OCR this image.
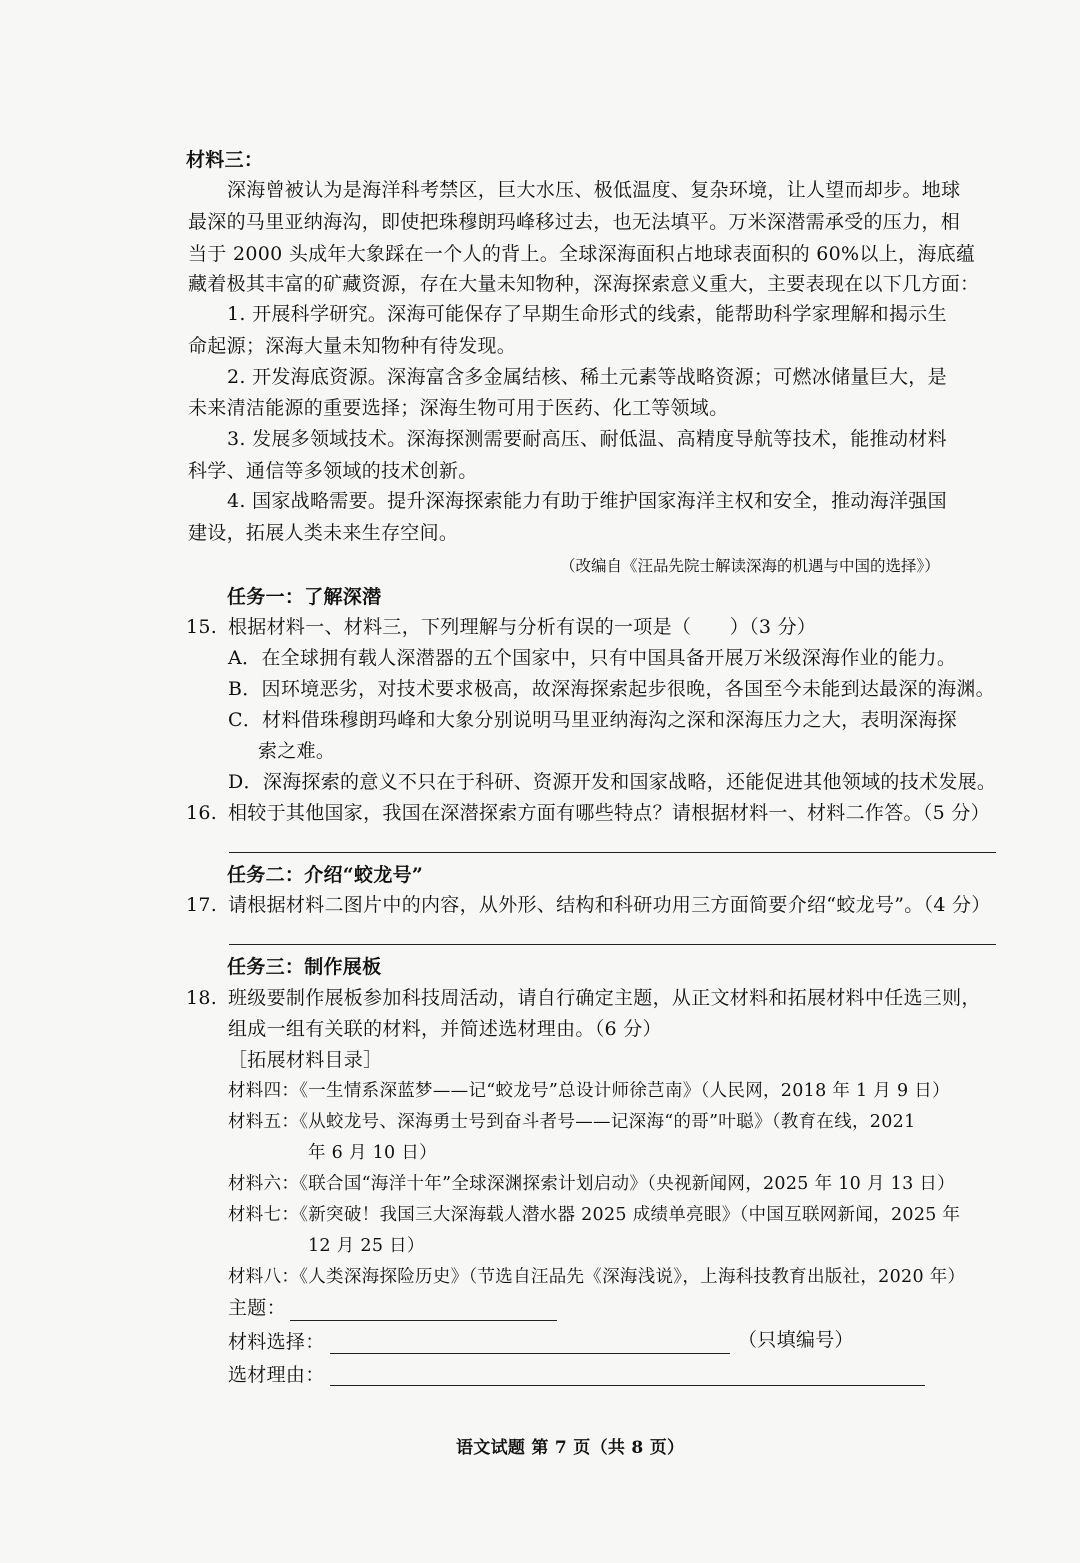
材料三：
深海曾被认为是海洋科考禁区，巨大水压、极低温度、复杂环境，让人望而却步。地球
最深的马里亚纳海沟，即使把珠穆朗玛峰移过去，也无法填平。万米深潜需承受的压力，相
当于 2000 头成年大象踩在一个人的背上。全球深海面积占地球表面积的 60%以上，海底蕴
藏着极其丰富的矿藏资源，存在大量未知物种，深海探索意义重大，主要表现在以下几方面：
1. 开展科学研究。深海可能保存了早期生命形式的线索，能帮助科学家理解和揭示生
命起源；深海大量未知物种有待发现。
2. 开发海底资源。深海富含多金属结核、稀土元素等战略资源；可燃冰储量巨大，是
未来清洁能源的重要选择；深海生物可用于医药、化工等领域。
3. 发展多领域技术。深海探测需要耐高压、耐低温、高精度导航等技术，能推动材料
科学、通信等多领域的技术创新。
4. 国家战略需要。提升深海探索能力有助于维护国家海洋主权和安全，推动海洋强国
建设，拓展人类未来生存空间。
（改编自《汪品先院士解读深海的机遇与中国的选择》）
任务一：了解深潜
15. 根据材料一、材料三，下列理解与分析有误的一项是（　　）（3 分）
A．在全球拥有载人深潜器的五个国家中，只有中国具备开展万米级深海作业的能力。
B．因环境恶劣，对技术要求极高，故深海探索起步很晚，各国至今未能到达最深的海渊。
C．材料借珠穆朗玛峰和大象分别说明马里亚纳海沟之深和深海压力之大，表明深海探
索之难。
D．深海探索的意义不只在于科研、资源开发和国家战略，还能促进其他领域的技术发展。
16. 相较于其他国家，我国在深潜探索方面有哪些特点？请根据材料一、材料二作答。（5 分）
任务二：介绍“蛟龙号”
17. 请根据材料二图片中的内容，从外形、结构和科研功用三方面简要介绍“蛟龙号”。（4 分）
任务三：制作展板
18. 班级要制作展板参加科技周活动，请自行确定主题，从正文材料和拓展材料中任选三则，
组成一组有关联的材料，并简述选材理由。（6 分）
［拓展材料目录］
材料四：《一生情系深蓝梦——记“蛟龙号”总设计师徐芑南》（人民网，2018 年 1 月 9 日）
材料五：《从蛟龙号、深海勇士号到奋斗者号——记深海“的哥”叶聪》（教育在线，2021
年 6 月 10 日）
材料六：《联合国“海洋十年”全球深渊探索计划启动》（央视新闻网，2025 年 10 月 13 日）
材料七：《新突破！我国三大深海载人潜水器 2025 成绩单亮眼》（中国互联网新闻，2025 年
12 月 25 日）
材料八：《人类深海探险历史》（节选自汪品先《深海浅说》，上海科技教育出版社，2020 年）
主题：
材料选择：	（只填编号）
选材理由：
语文试题 第 7 页（共 8 页）
